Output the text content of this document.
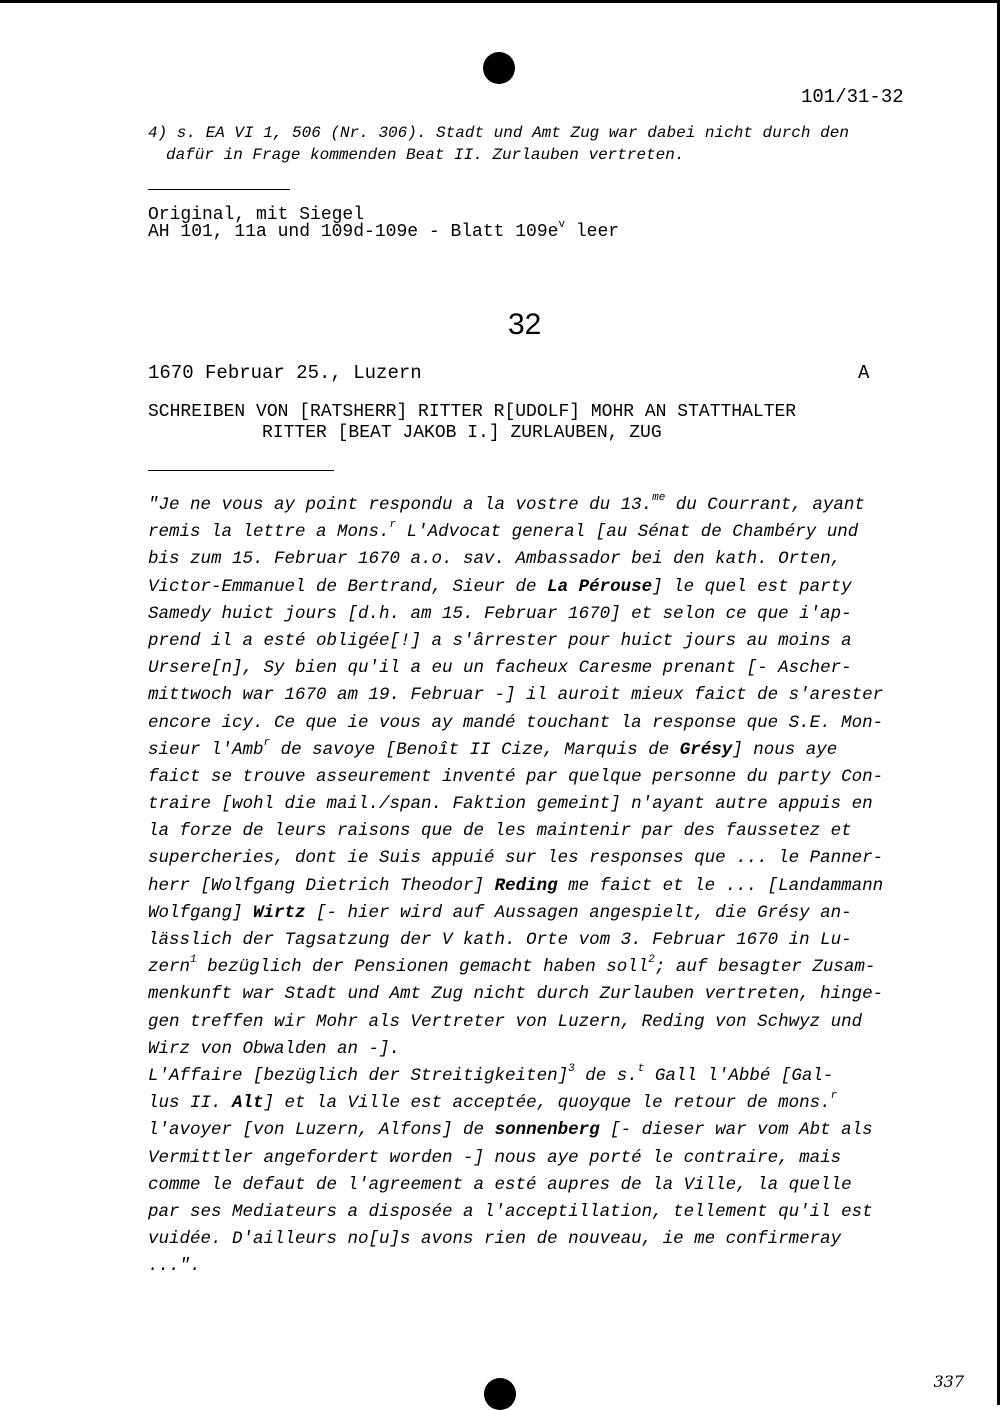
101/31-32
4) s. EA VI 1, 506 (Nr. 306). Stadt und Amt Zug war dabei nicht durch den
dafür in Frage kommenden Beat II. Zurlauben vertreten.
Original, mit Siegel
AH 101, 11a und 109d-109e - Blatt $109e^v$ leer
32
1670 Februar 25., Luzern	A
SCHREIBEN VON [RATSHERR] RITTER R[UDOLF] MOHR AN STATTHALTER
RITTER [BEAT JAKOB I.] ZURLAUBEN, ZUG
"Je ne vous ay point respondu a la vostre du 13.$^{me}$ du Courrant, ayant
remis la lettre a Mons.$^r$ L'Advocat general [au Sénat de Chambéry und
bis zum 15. Februar 1670 a.o. sav. Ambassador bei den kath. Orten,
Victor-Emmanuel de Bertrand, Sieur de La Pérouse] le quel est party
Samedy huict jours [d.h. am 15. Februar 1670] et selon ce que i'ap-
prend il a esté obligée[!] a s'ârrester pour huict jours au moins a
Ursere[n], Sy bien qu'il a eu un facheux Caresme prenant [- Ascher-
mittwoch war 1670 am 19. Februar -] il auroit mieux faict de s'arester
encore icy. Ce que ie vous ay mandé touchant la response que S.E. Mon-
sieur l'Amb$^r$ de savoye [Benoît II Cize, Marquis de Grésy] nous aye
faict se trouve asseurement inventé par quelque personne du party Con-
traire [wohl die mail./span. Faktion gemeint] n'ayant autre appuis en
la forze de leurs raisons que de les maintenir par des faussetez et
supercheries, dont ie Suis appuié sur les responses que ... le Panner-
herr [Wolfgang Dietrich Theodor] Reding me faict et le ... [Landammann
Wolfgang] Wirtz [- hier wird auf Aussagen angespielt, die Grésy an-
lässlich der Tagsatzung der V kath. Orte vom 3. Februar 1670 in Lu-
zern$^1$ bezüglich der Pensionen gemacht haben soll$^2$; auf besagter Zusam-
menkunft war Stadt und Amt Zug nicht durch Zurlauben vertreten, hinge-
gen treffen wir Mohr als Vertreter von Luzern, Reding von Schwyz und
Wirz von Obwalden an -].
L'Affaire [bezüglich der Streitigkeiten]$^3$ de s.$^t$ Gall l'Abbé [Gal-
lus II. Alt] et la Ville est acceptée, quoyque le retour de mons.$^r$
l'avoyer [von Luzern, Alfons] de sonnenberg [- dieser war vom Abt als
Vermittler angefordert worden -] nous aye porté le contraire, mais
comme le defaut de l'agreement a esté aupres de la Ville, la quelle
par ses Mediateurs a disposée a l'acceptillation, tellement qu'il est
vuidée. D'ailleurs no[u]s avons rien de nouveau, ie me confirmeray
...".
337
